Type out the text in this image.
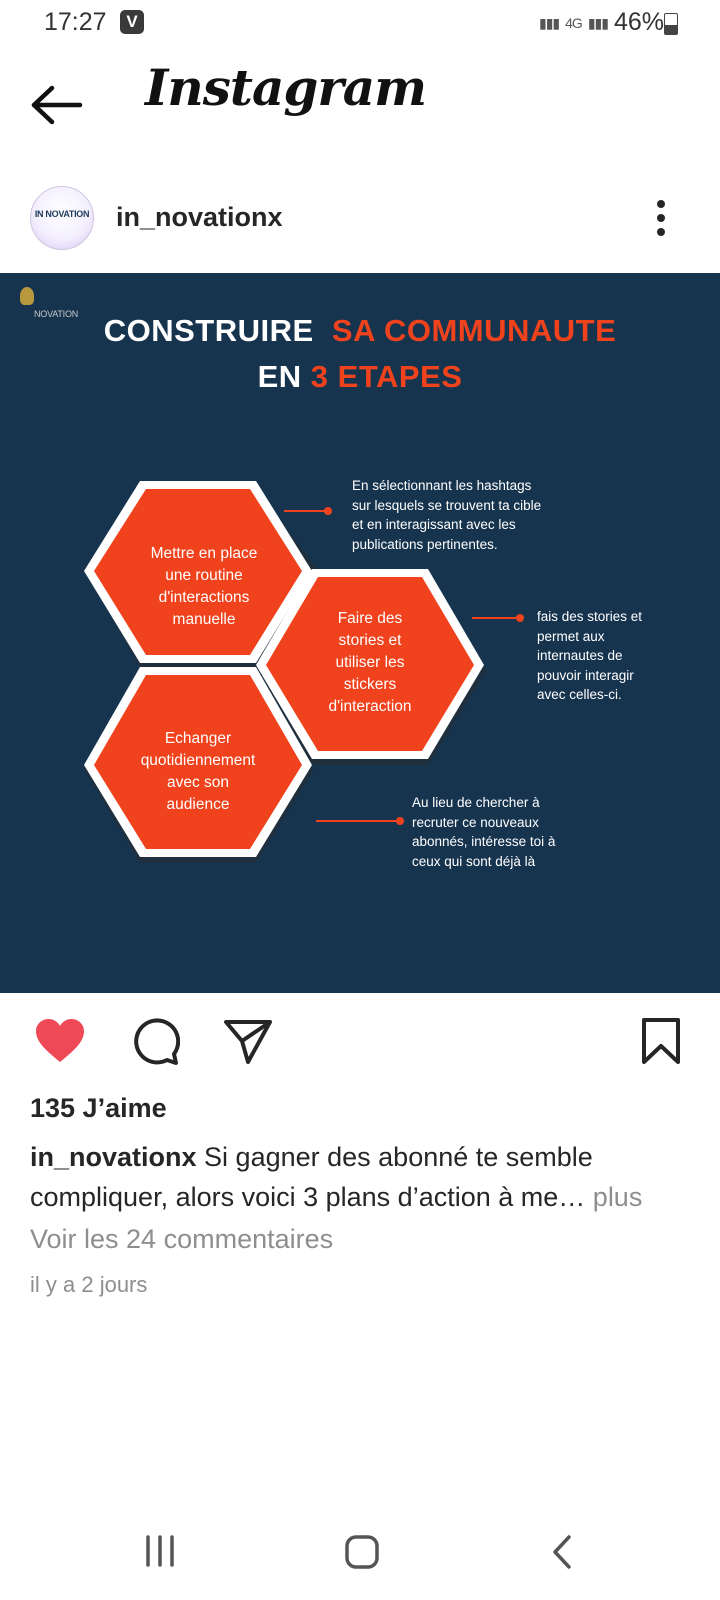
17:27	V	▮▮▮ 4G ▮▮▮ 46%
Instagram
IN NOVATION in_novationx
NOVATION CONSTRUIRE SA COMMUNAUTE
EN 3 ETAPES
Mettre en place
une routine
d'interactions
manuelle	Faire des
stories et
utiliser les
stickers
d'interaction
Echanger
quotidiennement
avec son
audience
En sélectionnant les hashtags
sur lesquels se trouvent ta cible
et en interagissant avec les
publications pertinentes.
fais des stories et
permet aux
internautes de
pouvoir interagir
avec celles-ci.
Au lieu de chercher à
recruter ce nouveaux
abonnés, intéresse toi à
ceux qui sont déjà là
135 J’aime
in_novationx Si gagner des abonné te semble compliquer, alors voici 3 plans d’action à me… plus
Voir les 24 commentaires
il y a 2 jours
